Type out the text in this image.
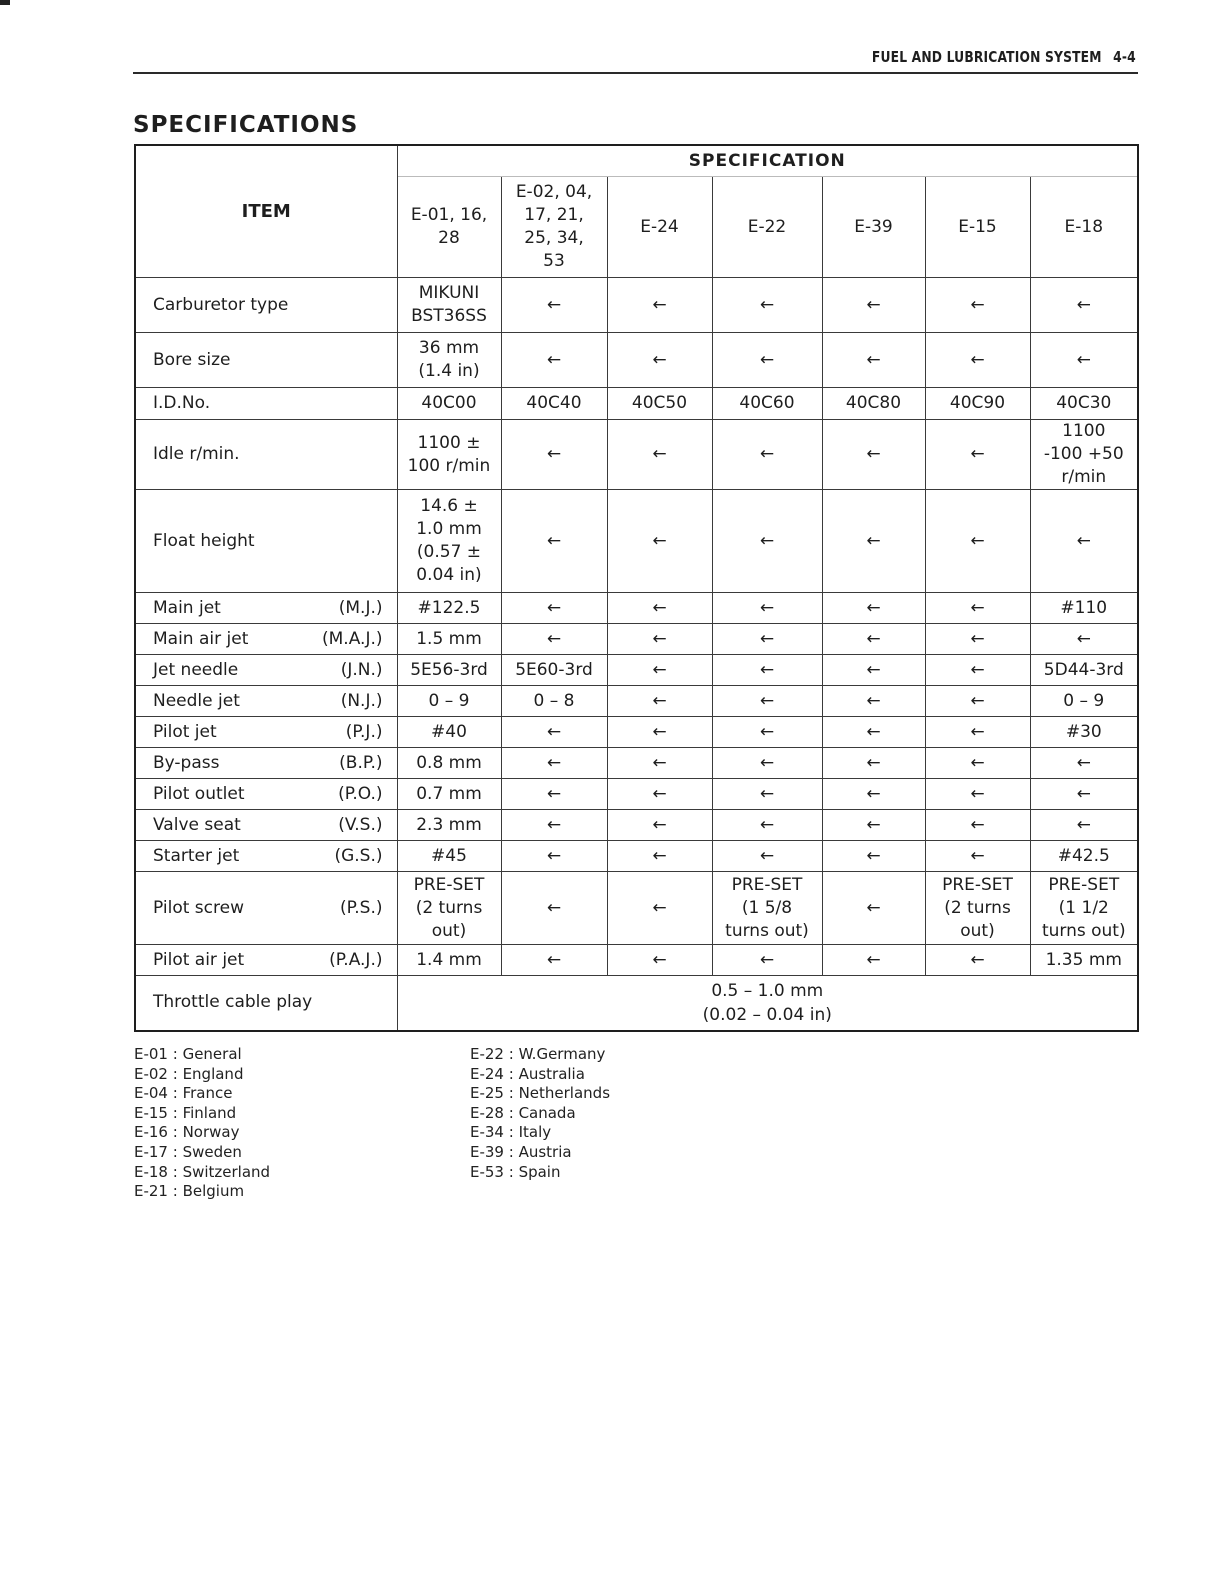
FUEL AND LUBRICATION SYSTEM 4-4
SPECIFICATIONS
ITEM	SPECIFICATION						
	E-01, 16,
28	E-02, 04,
17, 21,
25, 34,
53	E-24	E-22	E-39	E-15	E-18
Carburetor type	MIKUNI
BST36SS	←	←	←	←	←	←
Bore size	36 mm
(1.4 in)	←	←	←	←	←	←
I.D.No.	40C00	40C40	40C50	40C60	40C80	40C90	40C30
Idle r/min.	1100 ±
100 r/min	←	←	←	←	←	1100
-100 +50 r/min
Float height	14.6 ±
1.0 mm
(0.57 ±
0.04 in)	←	←	←	←	←	←
Main jet (M.J.)	#122.5	←	←	←	←	←	#110
Main air jet (M.A.J.)	1.5 mm	←	←	←	←	←	←
Jet needle (J.N.)	5E56-3rd	5E60-3rd	←	←	←	←	5D44-3rd
Needle jet (N.J.)	0 – 9	0 – 8	←	←	←	←	0 – 9
Pilot jet (P.J.)	#40	←	←	←	←	←	#30
By-pass (B.P.)	0.8 mm	←	←	←	←	←	←
Pilot outlet (P.O.)	0.7 mm	←	←	←	←	←	←
Valve seat (V.S.)	2.3 mm	←	←	←	←	←	←
Starter jet (G.S.)	#45	←	←	←	←	←	#42.5
Pilot screw (P.S.)	PRE-SET
(2 turns
out)	←	←	PRE-SET
(1 5/8
turns out)	←	PRE-SET
(2 turns
out)	PRE-SET
(1 1/2
turns out)
Pilot air jet (P.A.J.)	1.4 mm	←	←	←	←	←	1.35 mm
Throttle cable play	0.5 – 1.0 mm
(0.02 – 0.04 in)						
E-01 : General
E-02 : England
E-04 : France
E-15 : Finland
E-16 : Norway
E-17 : Sweden
E-18 : Switzerland
E-21 : Belgium
E-22 : W.Germany
E-24 : Australia
E-25 : Netherlands
E-28 : Canada
E-34 : Italy
E-39 : Austria
E-53 : Spain
